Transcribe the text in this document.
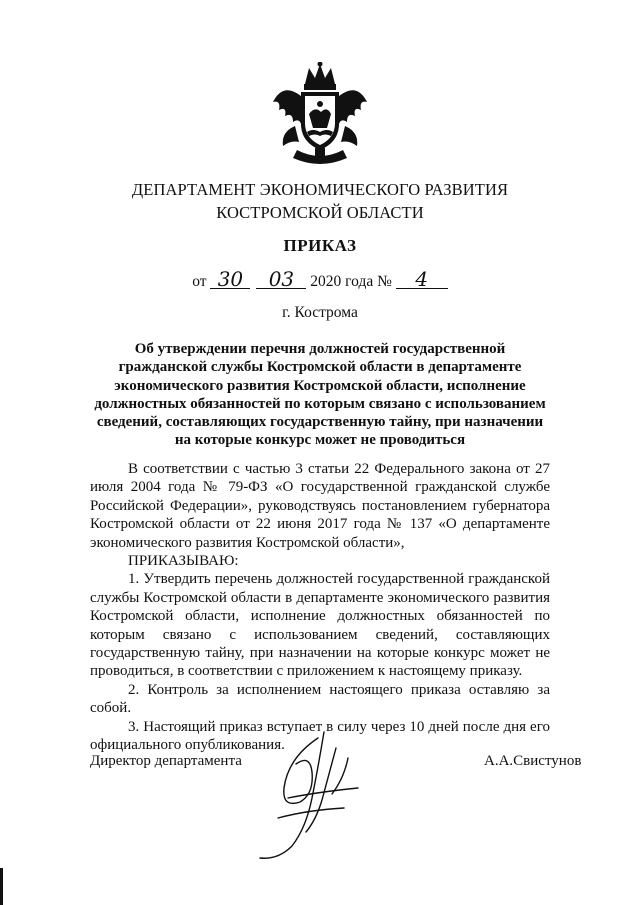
ДЕПАРТАМЕНТ ЭКОНОМИЧЕСКОГО РАЗВИТИЯ
КОСТРОМСКОЙ ОБЛАСТИ
ПРИКАЗ
от 30 03 2020 года № 4
г. Кострома
Об утверждении перечня должностей государственной гражданской службы Костромской области в департаменте экономического развития Костромской области, исполнение должностных обязанностей по которым связано с использованием сведений, составляющих государственную тайну, при назначении на которые конкурс может не проводиться

В соответствии с частью 3 статьи 22 Федерального закона от 27 июля 2004 года № 79-ФЗ «О государственной гражданской службе Российской Федерации», руководствуясь постановлением губернатора Костромской области от 22 июня 2017 года № 137 «О департаменте экономического развития Костромской области»,

ПРИКАЗЫВАЮ:

1. Утвердить перечень должностей государственной гражданской службы Костромской области в департаменте экономического развития Костромской области, исполнение должностных обязанностей по которым связано с использованием сведений, составляющих государственную тайну, при назначении на которые конкурс может не проводиться, в соответствии с приложением к настоящему приказу.

2. Контроль за исполнением настоящего приказа оставляю за собой.

3. Настоящий приказ вступает в силу через 10 дней после дня его официального опубликования.

Директор департамента	А.А.Свистунов
